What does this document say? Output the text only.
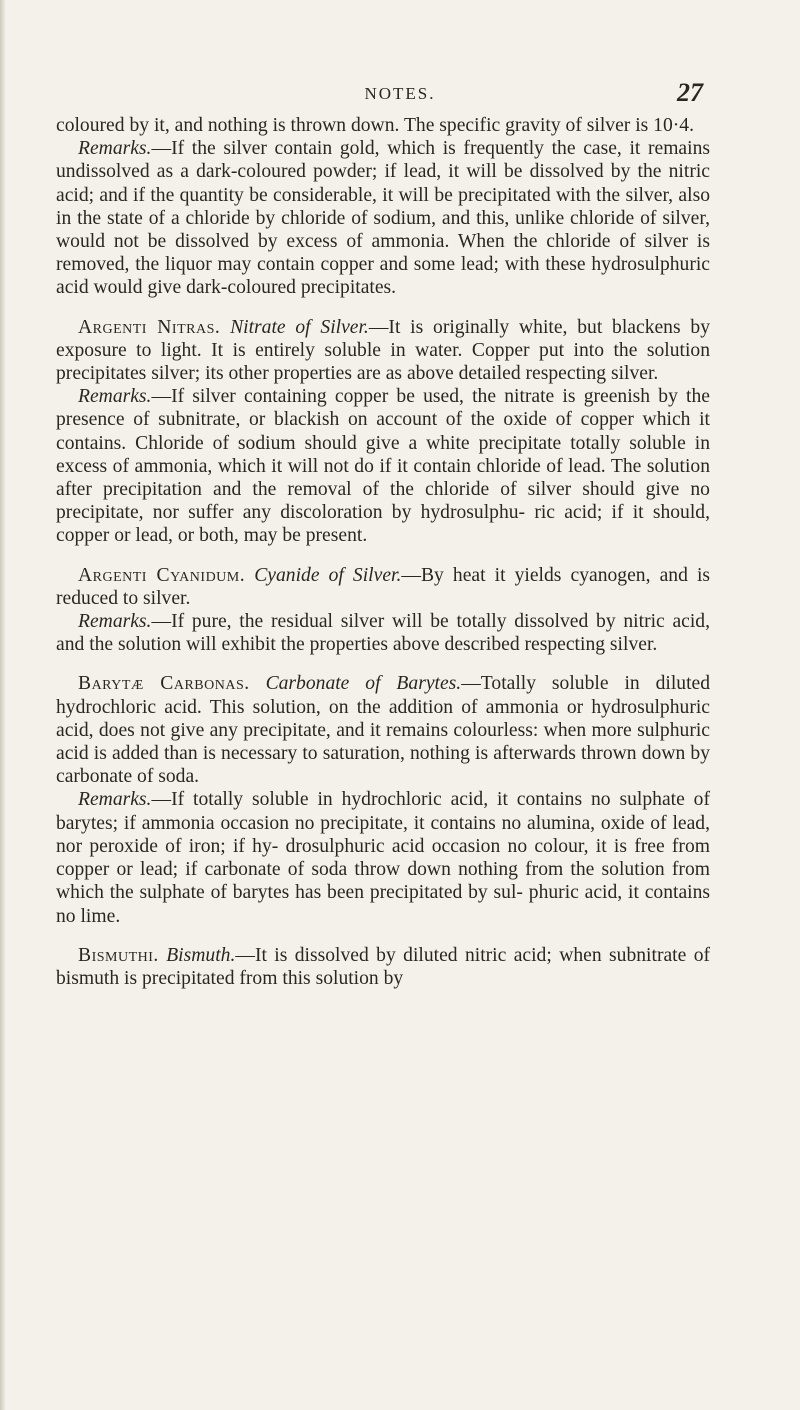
NOTES.	27

coloured by it, and nothing is thrown down. The specific gravity of silver is 10·4.

Remarks.—If the silver contain gold, which is frequently the case, it remains undissolved as a dark-coloured powder; if lead, it will be dissolved by the nitric acid; and if the quantity be considerable, it will be precipitated with the silver, also in the state of a chloride by chloride of sodium, and this, unlike chloride of silver, would not be dissolved by excess of ammonia. When the chloride of silver is removed, the liquor may contain copper and some lead; with these hydrosulphuric acid would give dark-coloured precipitates.

Argenti Nitras. Nitrate of Silver.—It is originally white, but blackens by exposure to light. It is entirely soluble in water. Copper put into the solution precipitates silver; its other properties are as above detailed respecting silver.

Remarks.—If silver containing copper be used, the nitrate is greenish by the presence of subnitrate, or blackish on account of the oxide of copper which it contains. Chloride of sodium should give a white precipitate totally soluble in excess of ammonia, which it will not do if it contain chloride of lead. The solution after precipitation and the removal of the chloride of silver should give no precipitate, nor suffer any discoloration by hydrosulphu- ric acid; if it should, copper or lead, or both, may be present.

Argenti Cyanidum. Cyanide of Silver.—By heat it yields cyanogen, and is reduced to silver.

Remarks.—If pure, the residual silver will be totally dissolved by nitric acid, and the solution will exhibit the properties above described respecting silver.

Barytæ Carbonas. Carbonate of Barytes.—Totally soluble in diluted hydrochloric acid. This solution, on the addition of ammonia or hydrosulphuric acid, does not give any precipitate, and it remains colourless: when more sulphuric acid is added than is necessary to saturation, nothing is afterwards thrown down by carbonate of soda.

Remarks.—If totally soluble in hydrochloric acid, it contains no sulphate of barytes; if ammonia occasion no precipitate, it contains no alumina, oxide of lead, nor peroxide of iron; if hy- drosulphuric acid occasion no colour, it is free from copper or lead; if carbonate of soda throw down nothing from the solution from which the sulphate of barytes has been precipitated by sul- phuric acid, it contains no lime.

Bismuthi. Bismuth.—It is dissolved by diluted nitric acid; when subnitrate of bismuth is precipitated from this solution by
